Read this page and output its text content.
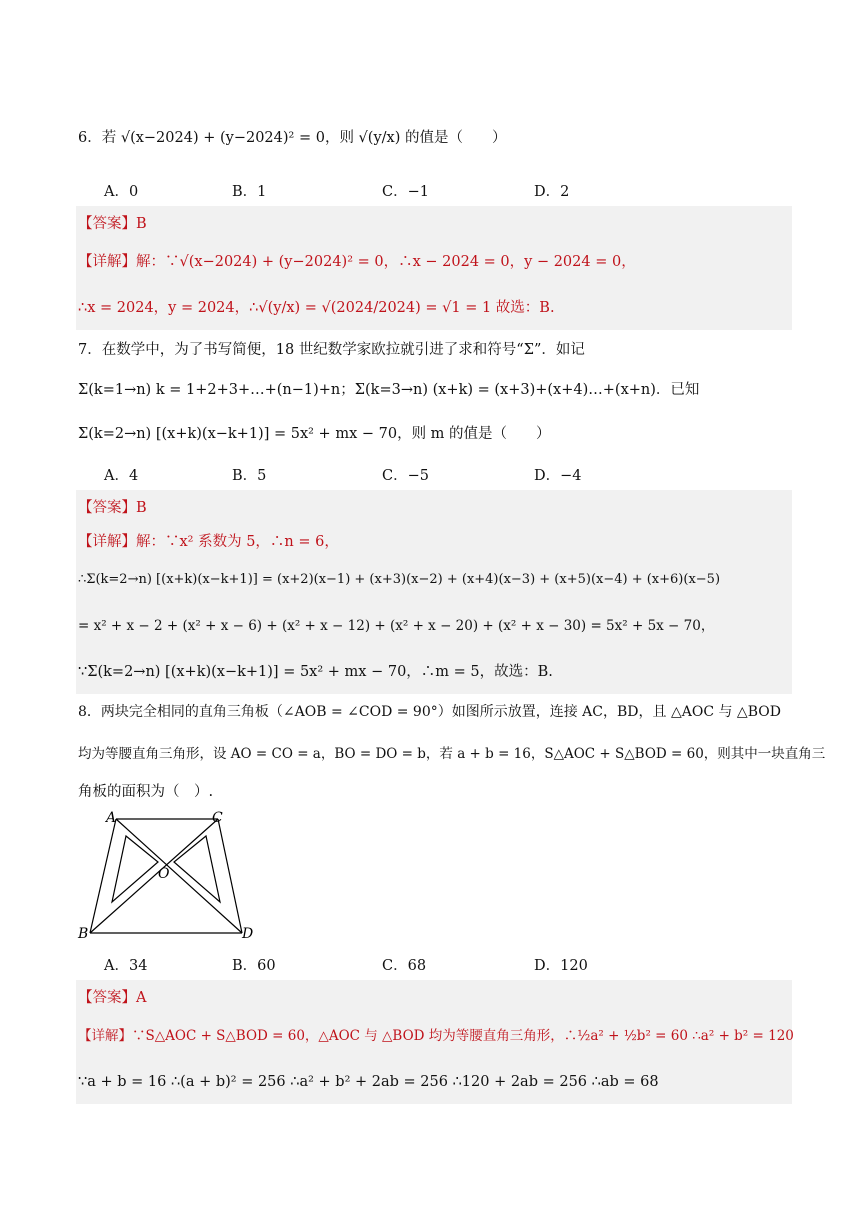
6．若 √(x−2024) + (y−2024)² = 0，则 √(y/x) 的值是（　　）
A．0	B．1	C．−1	D．2
【答案】B
【详解】解：∵√(x−2024) + (y−2024)² = 0，∴x − 2024 = 0，y − 2024 = 0，
∴x = 2024，y = 2024，∴√(y/x) = √(2024/2024) = √1 = 1 故选：B.
7．在数学中，为了书写简便，18 世纪数学家欧拉就引进了求和符号“Σ”．如记
Σ(k=1→n) k = 1+2+3+…+(n−1)+n；Σ(k=3→n) (x+k) = (x+3)+(x+4)…+(x+n)．已知
Σ(k=2→n) [(x+k)(x−k+1)] = 5x² + mx − 70，则 m 的值是（　　）
A．4	B．5	C．−5	D．−4
【答案】B
【详解】解：∵x² 系数为 5，∴n = 6，
∴Σ(k=2→n) [(x+k)(x−k+1)] = (x+2)(x−1) + (x+3)(x−2) + (x+4)(x−3) + (x+5)(x−4) + (x+6)(x−5)
= x² + x − 2 + (x² + x − 6) + (x² + x − 12) + (x² + x − 20) + (x² + x − 30) = 5x² + 5x − 70，
∵Σ(k=2→n) [(x+k)(x−k+1)] = 5x² + mx − 70，∴m = 5，故选：B.
8．两块完全相同的直角三角板（∠AOB = ∠COD = 90°）如图所示放置，连接 AC，BD，且 △AOC 与 △BOD
均为等腰直角三角形，设 AO = CO = a，BO = DO = b，若 a + b = 16，S△AOC + S△BOD = 60，则其中一块直角三
角板的面积为（　）.
A	C
O
B	D
A．34	B．60	C．68	D．120
【答案】A
【详解】∵S△AOC + S△BOD = 60，△AOC 与 △BOD 均为等腰直角三角形，∴½a² + ½b² = 60 ∴a² + b² = 120
∵a + b = 16 ∴(a + b)² = 256 ∴a² + b² + 2ab = 256 ∴120 + 2ab = 256 ∴ab = 68
